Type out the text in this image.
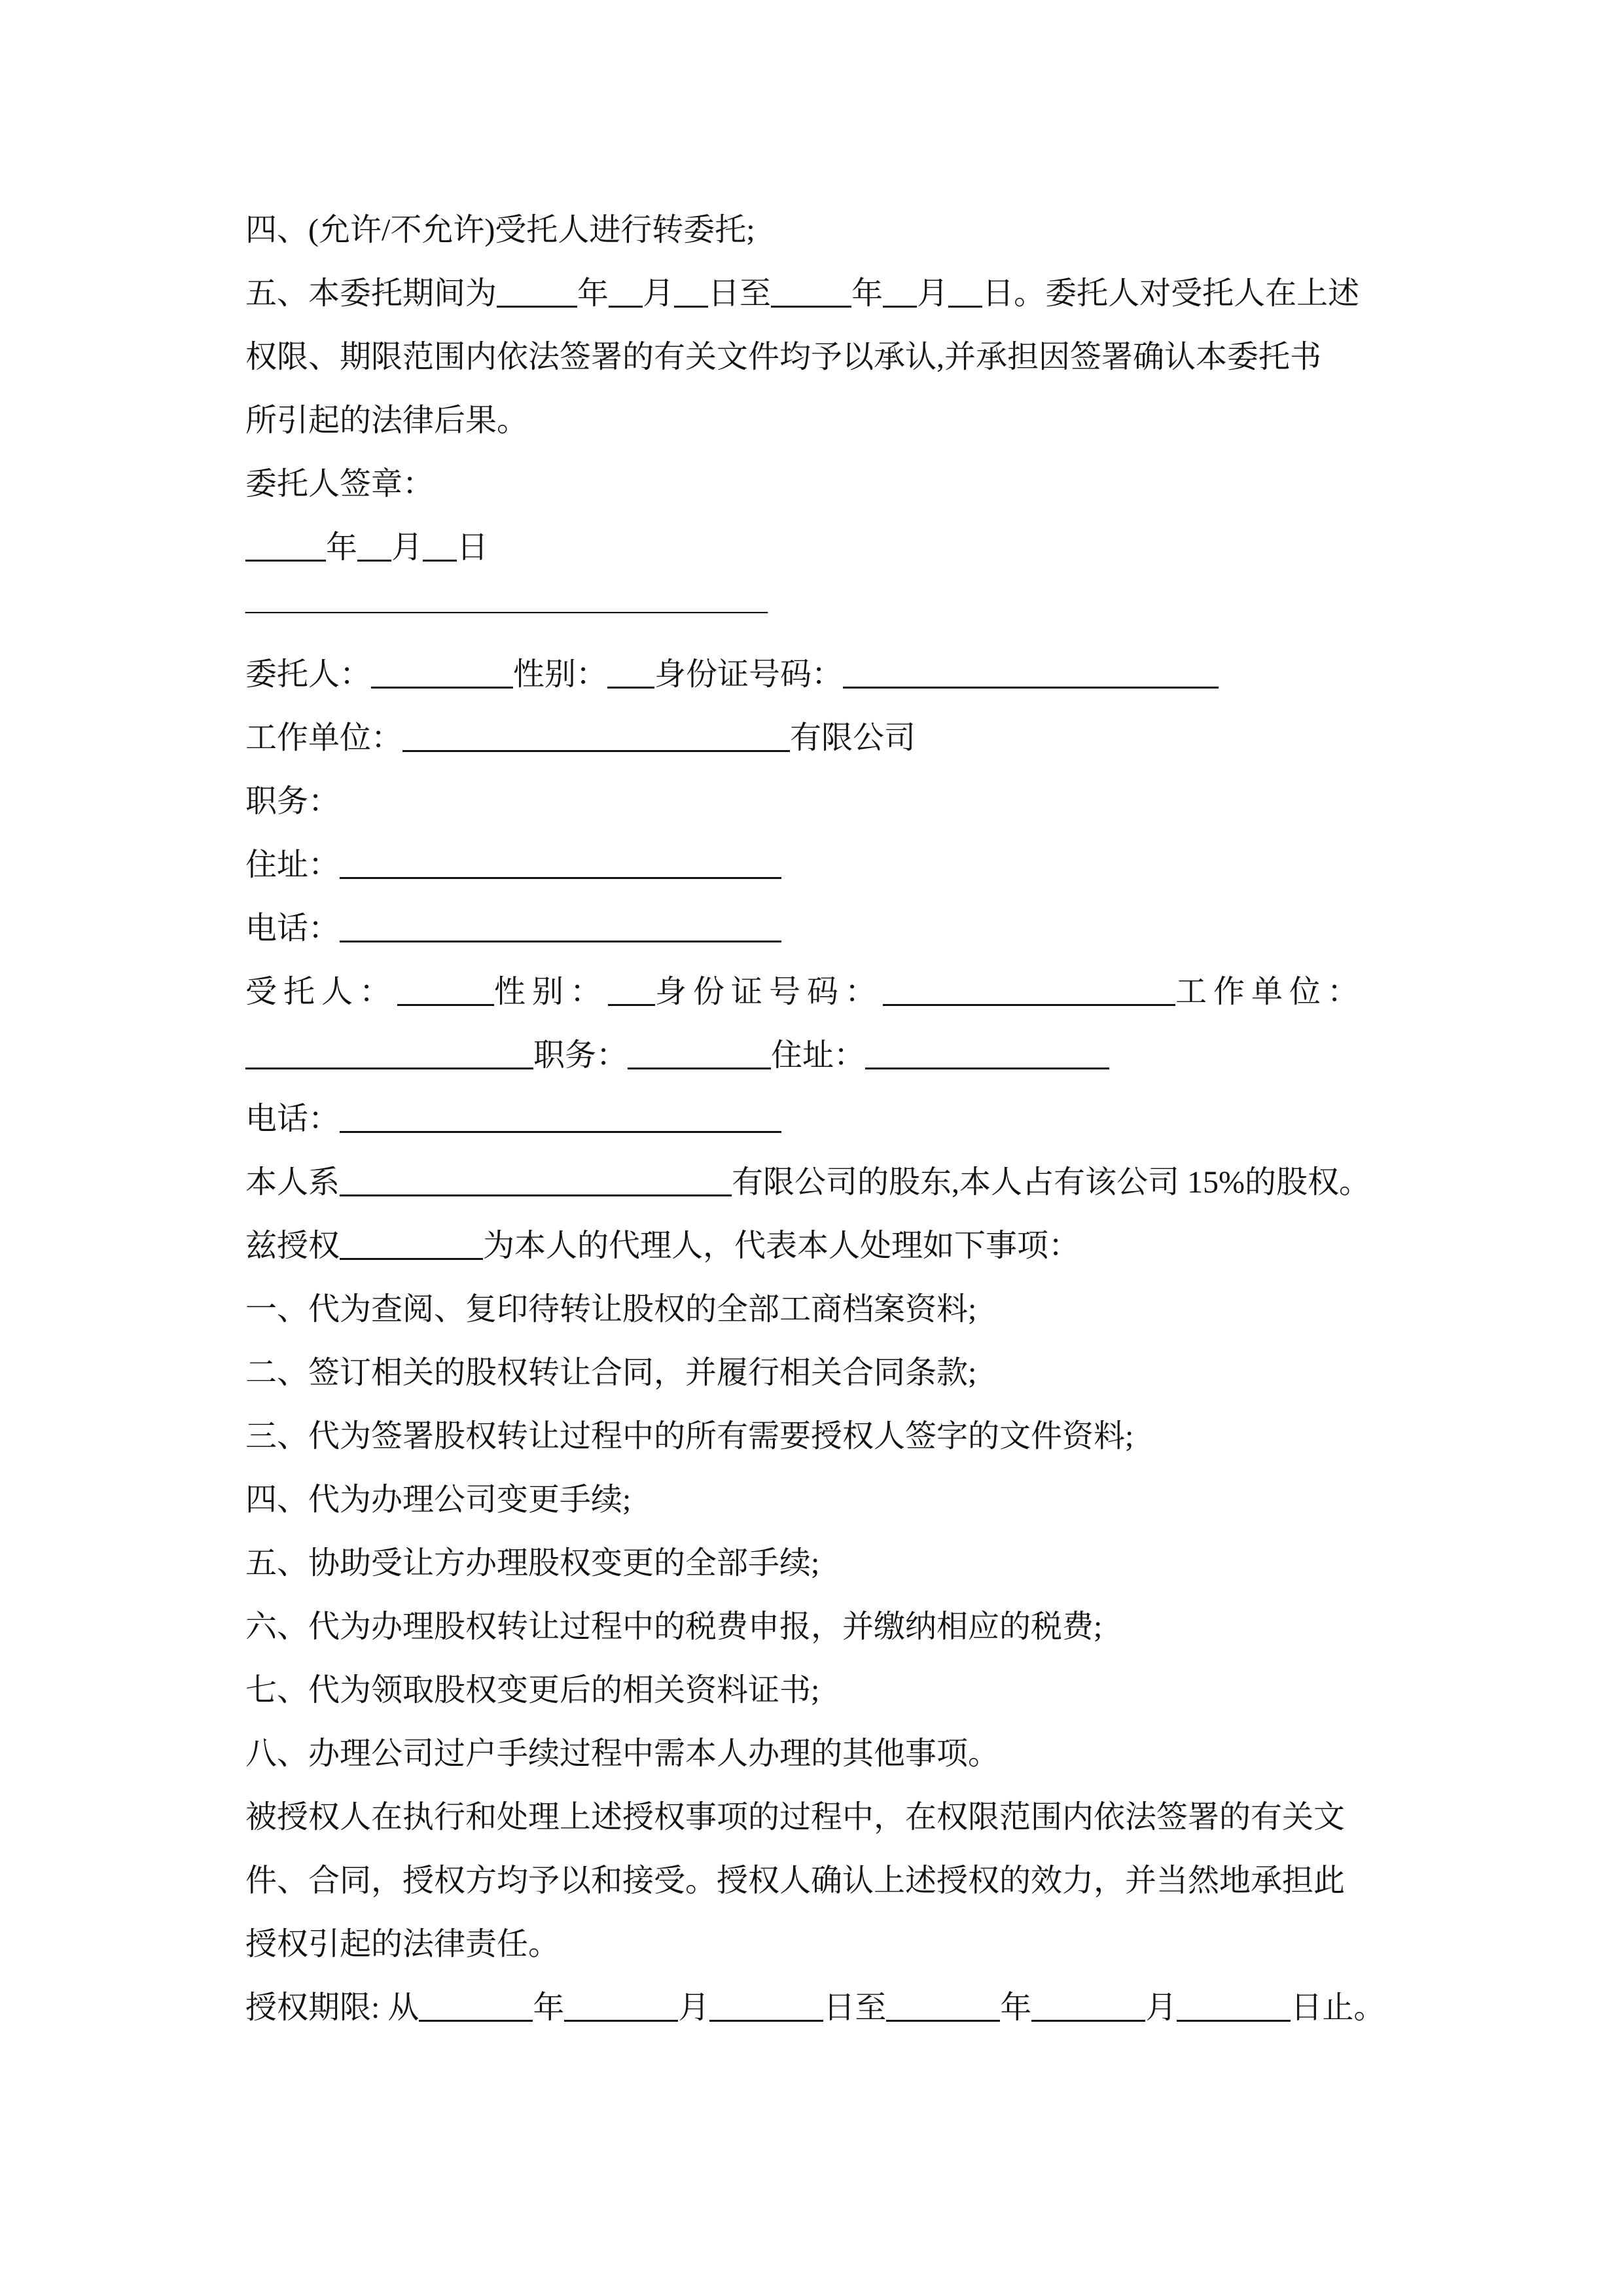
四、(允许/不允许)受托人进行转委托;
五、本委托期间为	年 月 日至	年 月 日。委托人对受托人在上述
权限、期限范围内依法签署的有关文件均予以承认,并承担因签署确认本委托书
所引起的法律后果。
委托人签章：
年 月 日
———————————————————
委托人：	性别： 身份证号码：
工作单位：	有限公司
职务：
住址：
电话：
受托人：	性别： 身份证号码：	工作单位：
职务：	住址：
电话：
本人系	有限公司的股东,本人占有该公司 15%的股权。
兹授权	为本人的代理人，代表本人处理如下事项：
一、代为查阅、复印待转让股权的全部工商档案资料;
二、签订相关的股权转让合同，并履行相关合同条款;
三、代为签署股权转让过程中的所有需要授权人签字的文件资料;
四、代为办理公司变更手续;
五、协助受让方办理股权变更的全部手续;
六、代为办理股权转让过程中的税费申报，并缴纳相应的税费;
七、代为领取股权变更后的相关资料证书;
八、办理公司过户手续过程中需本人办理的其他事项。
被授权人在执行和处理上述授权事项的过程中，在权限范围内依法签署的有关文
件、合同，授权方均予以和接受。授权人确认上述授权的效力，并当然地承担此
授权引起的法律责任。
授权期限: 从	年	月	日至	年	月	日止。
